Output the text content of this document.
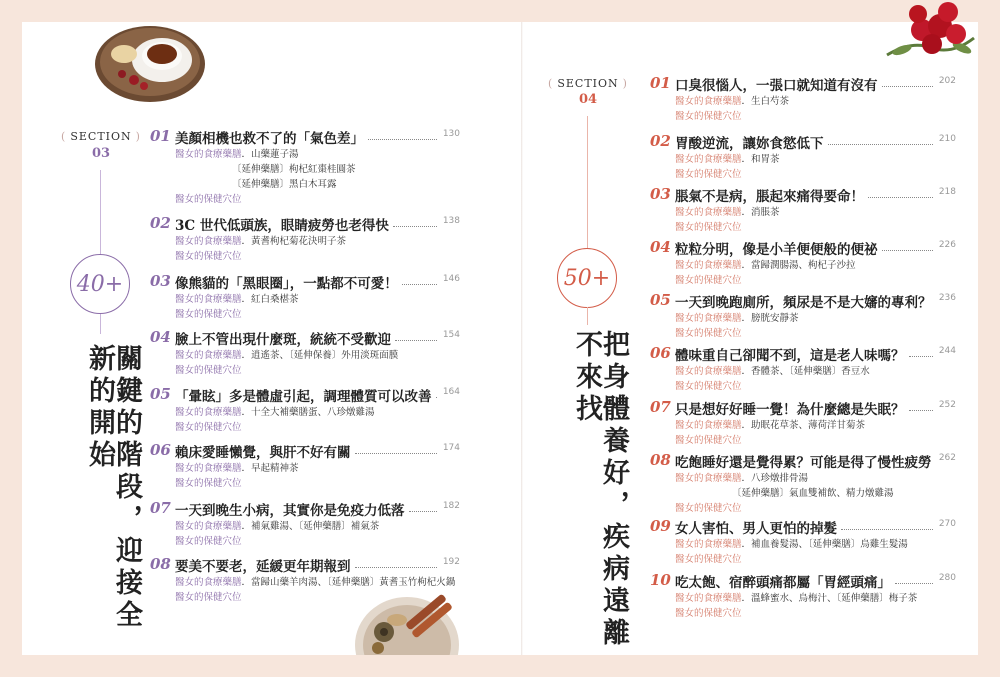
( SECTION )
03
40+
關鍵的階段，迎接全新的開始
( SECTION )
04
50+
把身體養好，疾病遠離不來找
01 美顏相機也救不了的「氣色差」	130
醫女的食療藥膳．山藥蓮子湯
〔延伸藥膳〕枸杞紅棗桂圓茶
〔延伸藥膳〕黑白木耳露
醫女的保健穴位
02 3C 世代低頭族，眼睛疲勞也老得快	138
醫女的食療藥膳．黃耆枸杞菊花決明子茶
醫女的保健穴位
03 像熊貓的「黑眼圈」，一點都不可愛！	146
醫女的食療藥膳．紅白桑椹茶
醫女的保健穴位
04 臉上不管出現什麼斑，統統不受歡迎	154
醫女的食療藥膳．逍遙茶、〔延伸保養〕外用淡斑面膜
醫女的保健穴位
05 「暈眩」多是體虛引起，調理體質可以改善 164
醫女的食療藥膳．十全大補藥膳蛋、八珍燉雞湯
醫女的保健穴位
06 賴床愛睡懶覺，與肝不好有關	174
醫女的食療藥膳．早起精神茶
醫女的保健穴位
07 一天到晚生小病，其實你是免疫力低落	182
醫女的食療藥膳．補氣雞湯、〔延伸藥膳〕補氣茶
醫女的保健穴位
08 要美不要老，延緩更年期報到	192
醫女的食療藥膳．當歸山藥羊肉湯、〔延伸藥膳〕黃耆玉竹枸杞火鍋
醫女的保健穴位
01 口臭很惱人，一張口就知道有沒有	202
醫女的食療藥膳．生白芍茶
醫女的保健穴位
02 胃酸逆流，讓妳食慾低下	210
醫女的食療藥膳．和胃茶
醫女的保健穴位
03 脹氣不是病，脹起來痛得要命！	218
醫女的食療藥膳．消脹茶
醫女的保健穴位
04 粒粒分明，像是小羊便便般的便祕	226
醫女的食療藥膳．當歸潤腸湯、枸杞子沙拉
醫女的保健穴位
05 一天到晚跑廁所，頻尿是不是大嬸的專利？ 236
醫女的食療藥膳．膀胱安靜茶
醫女的保健穴位
06 體味重自己卻聞不到，這是老人味嗎？	244
醫女的食療藥膳．香體茶、〔延伸藥膳〕香豆水
醫女的保健穴位
07 只是想好好睡一覺！為什麼總是失眠？	252
醫女的食療藥膳．助眠花草茶、薄荷洋甘菊茶
醫女的保健穴位
08 吃飽睡好還是覺得累？可能是得了慢性疲勞 262
醫女的食療藥膳．八珍燉排骨湯
〔延伸藥膳〕氣血雙補飲、精力燉雞湯
醫女的保健穴位
09 女人害怕、男人更怕的掉髮	270
醫女的食療藥膳．補血養髮湯、〔延伸藥膳〕烏雞生髮湯
醫女的保健穴位
10 吃太飽、宿醉頭痛都屬「胃經頭痛」	280
醫女的食療藥膳．溫蜂蜜水、烏梅汁、〔延伸藥膳〕梅子茶
醫女的保健穴位
